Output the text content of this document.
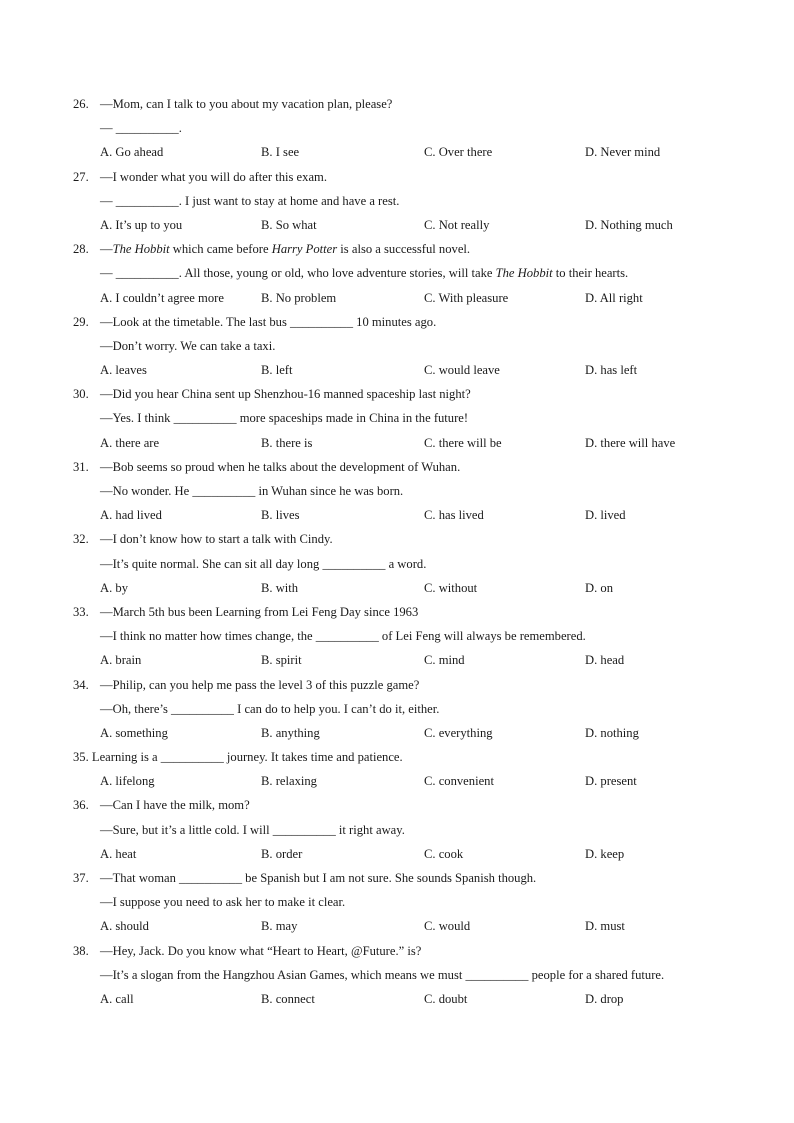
26. —Mom, can I talk to you about my vacation plan, please?
— __________.
A. Go ahead	B. I see	C. Over there	D. Never mind
27. —I wonder what you will do after this exam.
— __________. I just want to stay at home and have a rest.
A. It’s up to you	B. So what	C. Not really	D. Nothing much
28. —The Hobbit which came before Harry Potter is also a successful novel.
— __________. All those, young or old, who love adventure stories, will take The Hobbit to their hearts.
A. I couldn’t agree more	B. No problem	C. With pleasure	D. All right
29. —Look at the timetable. The last bus __________ 10 minutes ago.
—Don’t worry. We can take a taxi.
A. leaves	B. left	C. would leave	D. has left
30. —Did you hear China sent up Shenzhou-16 manned spaceship last night?
—Yes. I think __________ more spaceships made in China in the future!
A. there are	B. there is	C. there will be	D. there will have
31. —Bob seems so proud when he talks about the development of Wuhan.
—No wonder. He __________ in Wuhan since he was born.
A. had lived	B. lives	C. has lived	D. lived
32. —I don’t know how to start a talk with Cindy.
—It’s quite normal. She can sit all day long __________ a word.
A. by	B. with	C. without	D. on
33. —March 5th bus been Learning from Lei Feng Day since 1963
—I think no matter how times change, the __________ of Lei Feng will always be remembered.
A. brain	B. spirit	C. mind	D. head
34. —Philip, can you help me pass the level 3 of this puzzle game?
—Oh, there’s __________ I can do to help you. I can’t do it, either.
A. something	B. anything	C. everything	D. nothing
35. Learning is a __________ journey. It takes time and patience.
A. lifelong	B. relaxing	C. convenient	D. present
36. —Can I have the milk, mom?
—Sure, but it’s a little cold. I will __________ it right away.
A. heat	B. order	C. cook	D. keep
37. —That woman __________ be Spanish but I am not sure. She sounds Spanish though.
—I suppose you need to ask her to make it clear.
A. should	B. may	C. would	D. must
38. —Hey, Jack. Do you know what “Heart to Heart, @Future.” is?
—It’s a slogan from the Hangzhou Asian Games, which means we must __________ people for a shared future.
A. call	B. connect	C. doubt	D. drop
